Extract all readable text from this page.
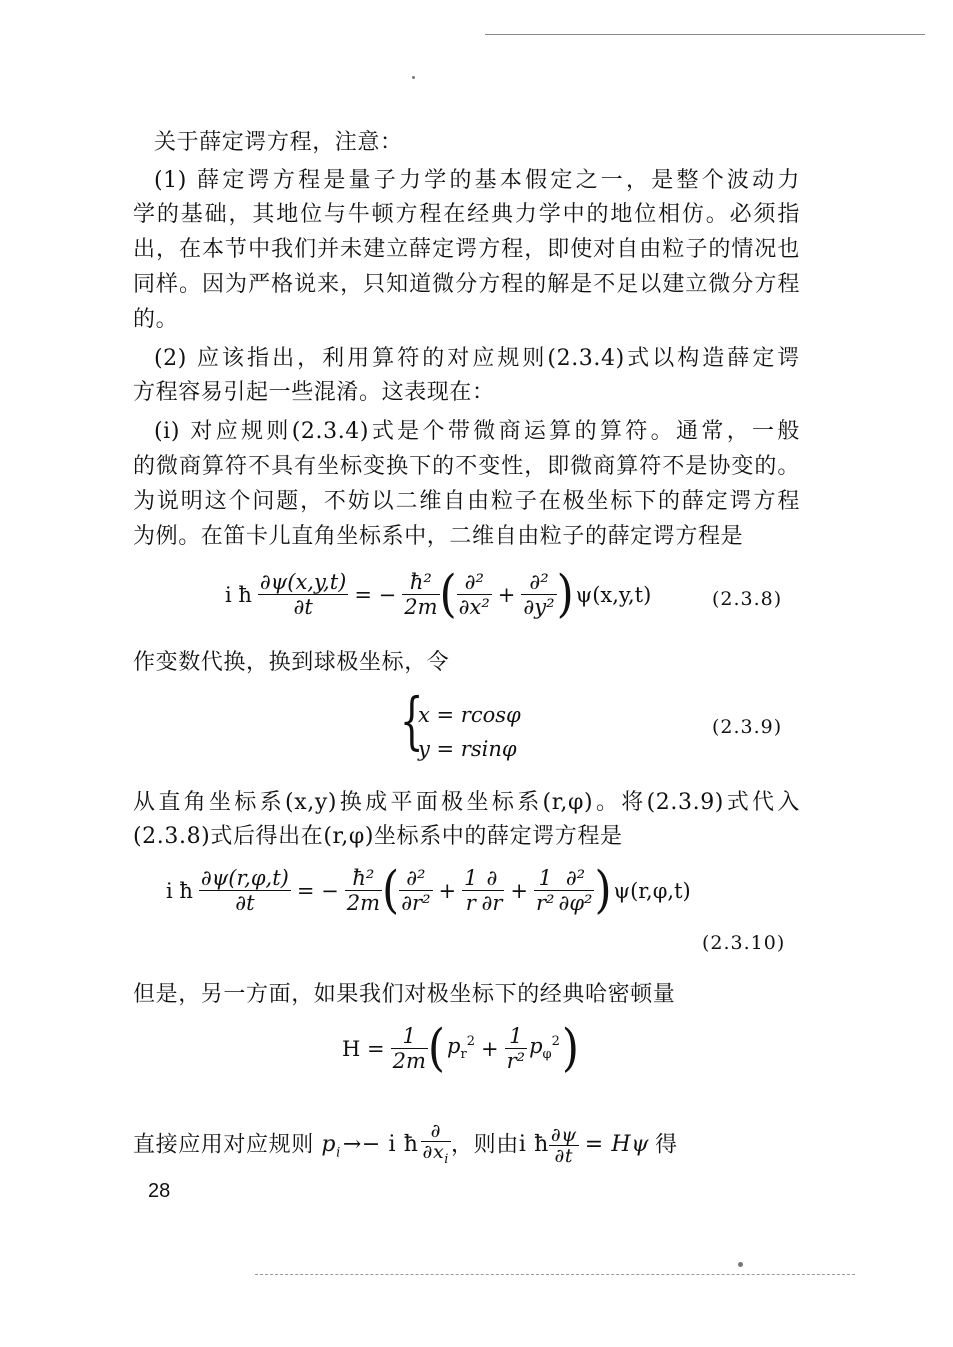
关于薛定谔方程，注意：
(1) 薛定谔方程是量子力学的基本假定之一，是整个波动力
学的基础，其地位与牛顿方程在经典力学中的地位相仿。必须指
出，在本节中我们并未建立薛定谔方程，即使对自由粒子的情况也
同样。因为严格说来，只知道微分方程的解是不足以建立微分方程
的。
(2) 应该指出，利用算符的对应规则(2.3.4)式以构造薛定谔
方程容易引起一些混淆。这表现在：
(i) 对应规则(2.3.4)式是个带微商运算的算符。通常，一般
的微商算符不具有坐标变换下的不变性，即微商算符不是协变的。
为说明这个问题，不妨以二维自由粒子在极坐标下的薛定谔方程
为例。在笛卡儿直角坐标系中，二维自由粒子的薛定谔方程是
i ħ $\frac{\partial\psi(x,y,t)}{\partial t}$ = − $\frac{\text{ħ²}}{2m}$ ( $\frac{\text{∂²}}{\text{∂x²}} + \frac{\text{∂²}}{\text{∂y²}} )\psi(x,y,t)$	(2.3.8)
作变数代换，换到球极坐标，令
{
x = rcosφ
y = rsinφ
(2.3.9)
从直角坐标系(x,y)换成平面极坐标系(r,φ)。将(2.3.9)式代入
(2.3.8)式后得出在(r,φ)坐标系中的薛定谔方程是
i ħ $\frac{\partial\psi(r,\varphi,t)}{\partial t}$ = − $\frac{\text{ħ²}}{2m}$ ( $\frac{\text{∂²}}{\text{∂r²}} + \frac{1}{r} \frac{\partial}{\partial r} + \frac{1}{\text{r²}} \frac{\text{∂²}}{\text{∂φ²}} )\psi(r,\varphi,t)$
(2.3.10)
但是，另一方面，如果我们对极坐标下的经典哈密顿量
$H = \frac{1}{2m} (p_r^2 + \frac{1}{\text{r²}} p_\varphi^2)$
直接应用对应规则 $p_i\to- i$ ħ $\frac{\partial}{\partial x_i}$ ，则由i ħ $\frac{\partial\psi}{\partial t} = H\psi$ 得
28
